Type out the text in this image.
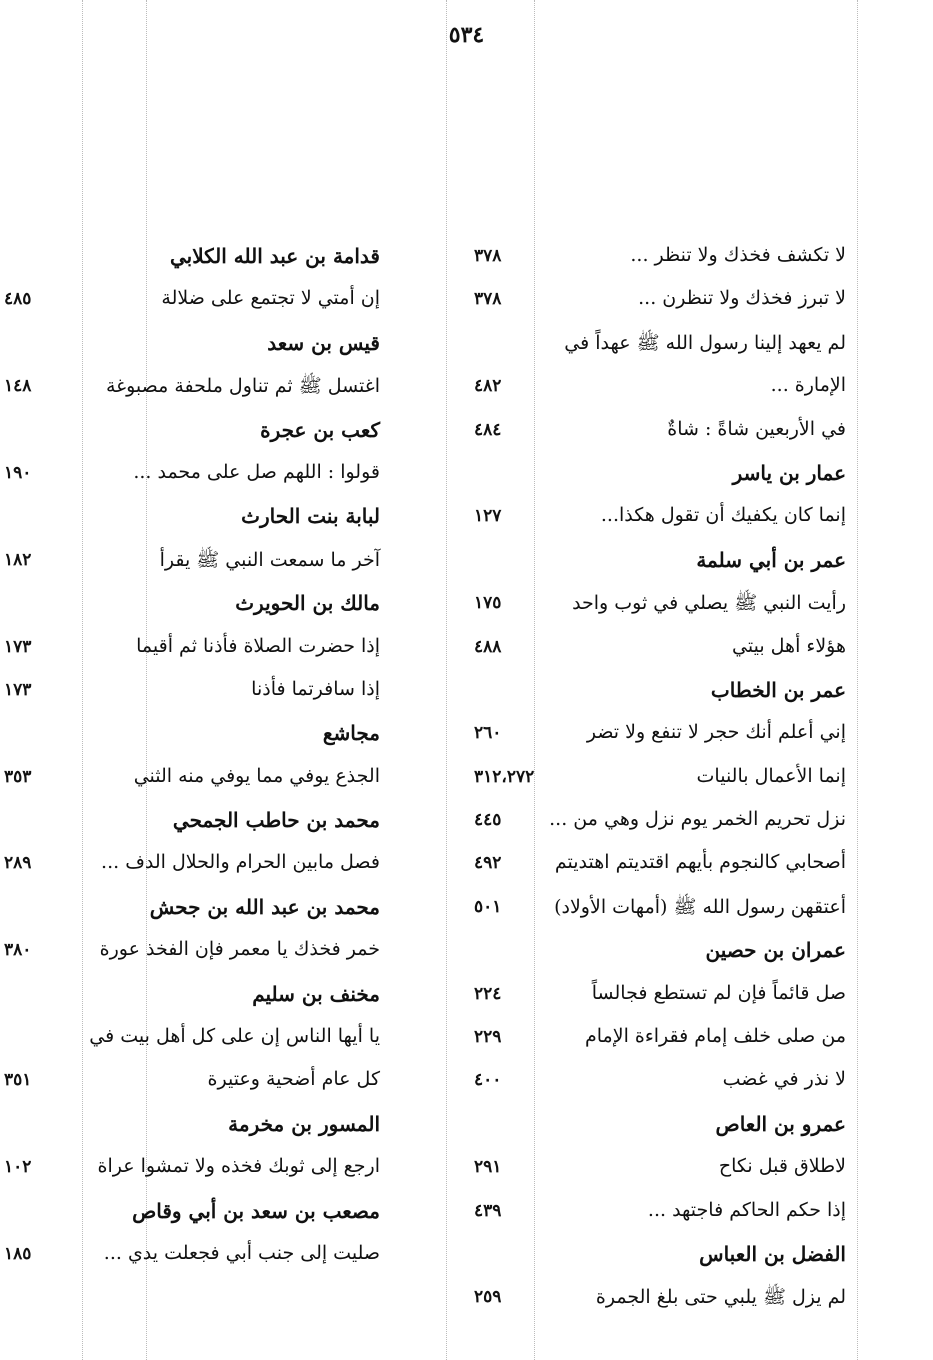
٥٣٤
لا تكشف فخذك ولا تنظر ...
٣٧٨
لا تبرز فخذك ولا تنظرن ...
٣٧٨
لم يعهد إلينا رسول الله ﷺ عهداً في
الإمارة ...
٤٨٢
في الأربعين شاةً : شاةٌ
٤٨٤
عمار بن ياسر
إنما كان يكفيك أن تقول هكذا...
١٢٧
عمر بن أبي سلمة
رأيت النبي ﷺ يصلي في ثوب واحد
١٧٥
هؤلاء أهل بيتي
٤٨٨
عمر بن الخطاب
إني أعلم أنك حجر لا تنفع ولا تضر
٢٦٠
إنما الأعمال بالنيات
٣١٢،٢٧٢
نزل تحريم الخمر يوم نزل وهي من ...
٤٤٥
أصحابي كالنجوم بأيهم اقتديتم اهتديتم
٤٩٢
أعتقهن رسول الله ﷺ (أمهات الأولاد)
٥٠١
عمران بن حصين
صل قائماً فإن لم تستطع فجالساً
٢٢٤
من صلى خلف إمام فقراءة الإمام
٢٢٩
لا نذر في غضب
٤٠٠
عمرو بن العاص
لاطلاق قبل نكاح
٢٩١
إذا حكم الحاكم فاجتهد ...
٤٣٩
الفضل بن العباس
لم يزل ﷺ يلبي حتى بلغ الجمرة
٢٥٩
قدامة بن عبد الله الكلابي
إن أمتي لا تجتمع على ضلالة
٤٨٥
قيس بن سعد
اغتسل ﷺ ثم تناول ملحفة مصبوغة
١٤٨
كعب بن عجرة
قولوا : اللهم صل على محمد ...
١٩٠
لبابة بنت الحارث
آخر ما سمعت النبي ﷺ يقرأ
١٨٢
مالك بن الحويرث
إذا حضرت الصلاة فأذنا ثم أقيما
١٧٣
إذا سافرتما فأذنا
١٧٣
مجاشع
الجذع يوفي مما يوفي منه الثني
٣٥٣
محمد بن حاطب الجمحي
فصل مابين الحرام والحلال الدف ...
٢٨٩
محمد بن عبد الله بن جحش
خمر فخذك يا معمر فإن الفخذ عورة
٣٨٠
مخنف بن سليم
يا أيها الناس إن على كل أهل بيت في
كل عام أضحية وعتيرة
٣٥١
المسور بن مخرمة
ارجع إلى ثوبك فخذه ولا تمشوا عراة
١٠٢
مصعب بن سعد بن أبي وقاص
صليت إلى جنب أبي فجعلت يدي ...
١٨٥
